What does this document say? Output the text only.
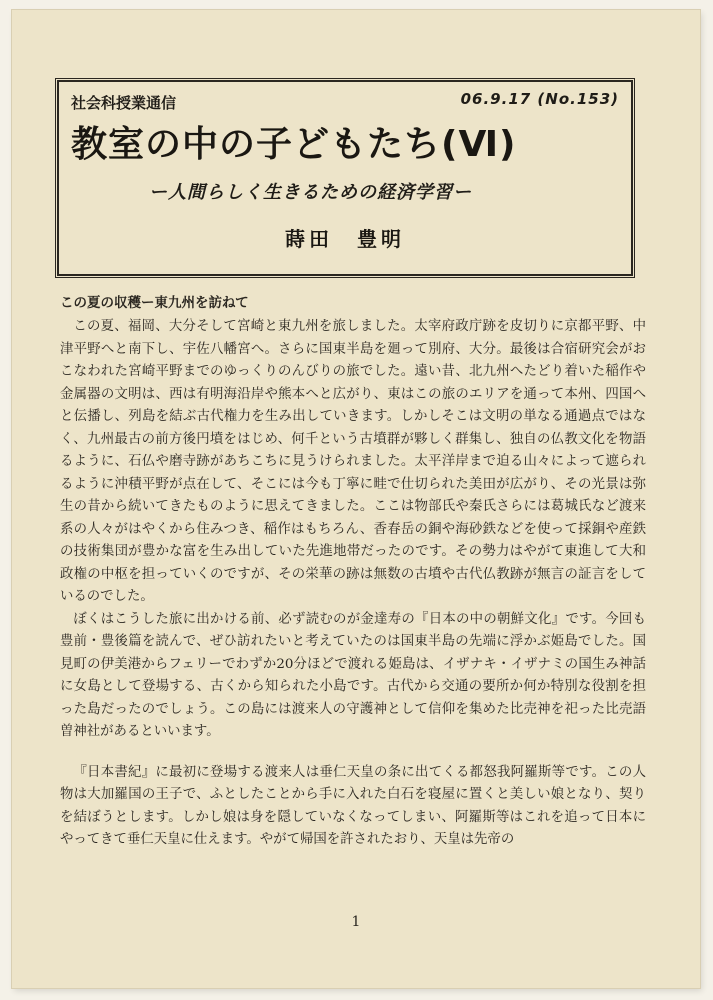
社会科授業通信	06.9.17 (No.153)
教室の中の子どもたち(Ⅵ)
ー人間らしく生きるための経済学習ー
蒔田　豊明
この夏の収穫ー東九州を訪ねて

この夏、福岡、大分そして宮崎と東九州を旅しました。太宰府政庁跡を皮切りに京都平野、中津平野へと南下し、宇佐八幡宮へ。さらに国東半島を廻って別府、大分。最後は合宿研究会がおこなわれた宮崎平野までのゆっくりのんびりの旅でした。遠い昔、北九州へたどり着いた稲作や金属器の文明は、西は有明海沿岸や熊本へと広がり、東はこの旅のエリアを通って本州、四国へと伝播し、列島を結ぶ古代権力を生み出していきます。しかしそこは文明の単なる通過点ではなく、九州最古の前方後円墳をはじめ、何千という古墳群が夥しく群集し、独自の仏教文化を物語るように、石仏や磨寺跡があちこちに見うけられました。太平洋岸まで迫る山々によって遮られるように沖積平野が点在して、そこには今も丁寧に畦で仕切られた美田が広がり、その光景は弥生の昔から続いてきたものように思えてきました。ここは物部氏や秦氏さらには葛城氏など渡来系の人々がはやくから住みつき、稲作はもちろん、香春岳の銅や海砂鉄などを使って採銅や産鉄の技術集団が豊かな富を生み出していた先進地帯だったのです。その勢力はやがて東進して大和政権の中枢を担っていくのですが、その栄華の跡は無数の古墳や古代仏教跡が無言の証言をしているのでした。

ぼくはこうした旅に出かける前、必ず読むのが金達寿の『日本の中の朝鮮文化』です。今回も豊前・豊後篇を読んで、ぜひ訪れたいと考えていたのは国東半島の先端に浮かぶ姫島でした。国見町の伊美港からフェリーでわずか20分ほどで渡れる姫島は、イザナキ・イザナミの国生み神話に女島として登場する、古くから知られた小島です。古代から交通の要所か何か特別な役割を担った島だったのでしょう。この島には渡来人の守護神として信仰を集めた比売神を祀った比売語曽神社があるといいます。

『日本書紀』に最初に登場する渡来人は垂仁天皇の条に出てくる都怒我阿羅斯等です。この人物は大加羅国の王子で、ふとしたことから手に入れた白石を寝屋に置くと美しい娘となり、契りを結ぼうとします。しかし娘は身を隠していなくなってしまい、阿羅斯等はこれを追って日本にやってきて垂仁天皇に仕えます。やがて帰国を許されたおり、天皇は先帝の

1
